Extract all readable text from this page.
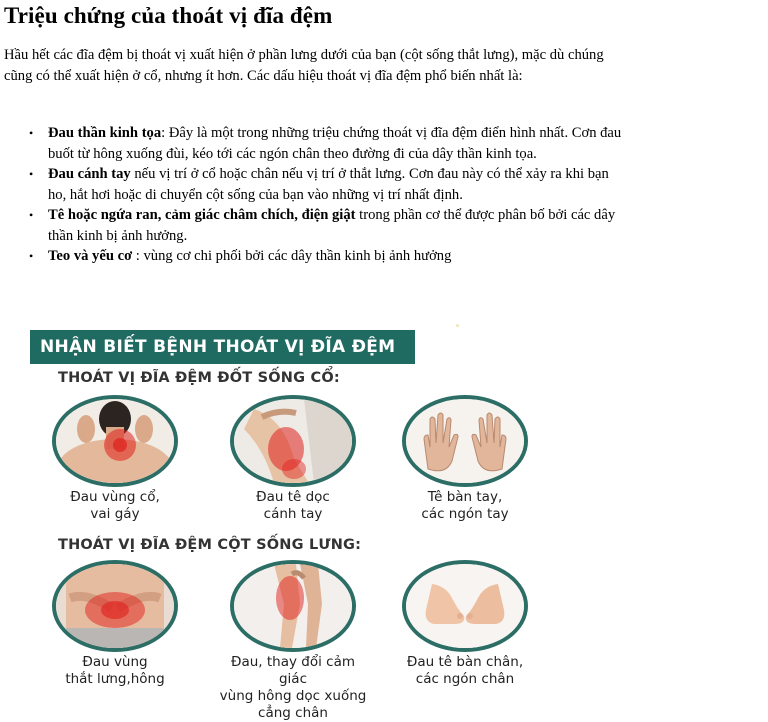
Triệu chứng của thoát vị đĩa đệm

Hầu hết các đĩa đệm bị thoát vị xuất hiện ở phần lưng dưới của bạn (cột sống thắt lưng), mặc dù chúng cũng có thể xuất hiện ở cổ, nhưng ít hơn. Các dấu hiệu thoát vị đĩa đệm phổ biến nhất là:

• Đau thần kinh tọa: Đây là một trong những triệu chứng thoát vị đĩa đệm điển hình nhất. Cơn đau buốt từ hông xuống đùi, kéo tới các ngón chân theo đường đi của dây thần kinh tọa.
• Đau cánh tay nếu vị trí ở cổ hoặc chân nếu vị trí ở thắt lưng. Cơn đau này có thể xảy ra khi bạn ho, hắt hơi hoặc di chuyển cột sống của bạn vào những vị trí nhất định.
• Tê hoặc ngứa ran, cảm giác châm chích, điện giật trong phần cơ thể được phân bố bởi các dây thần kinh bị ảnh hưởng.
• Teo và yếu cơ : vùng cơ chi phối bởi các dây thần kinh bị ảnh hưởng
NHẬN BIẾT BỆNH THOÁT VỊ ĐĨA ĐỆM
THOÁT VỊ ĐĨA ĐỆM ĐỐT SỐNG CỔ:
Đau vùng cổ,
vai gáy
Đau tê dọc
cánh tay
Tê bàn tay,
các ngón tay
THOÁT VỊ ĐĨA ĐỆM CỘT SỐNG LƯNG:
Đau vùng
thắt lưng,hông
Đau, thay đổi cảm giác
vùng hông dọc xuống
cẳng chân
Đau tê bàn chân,
các ngón chân
